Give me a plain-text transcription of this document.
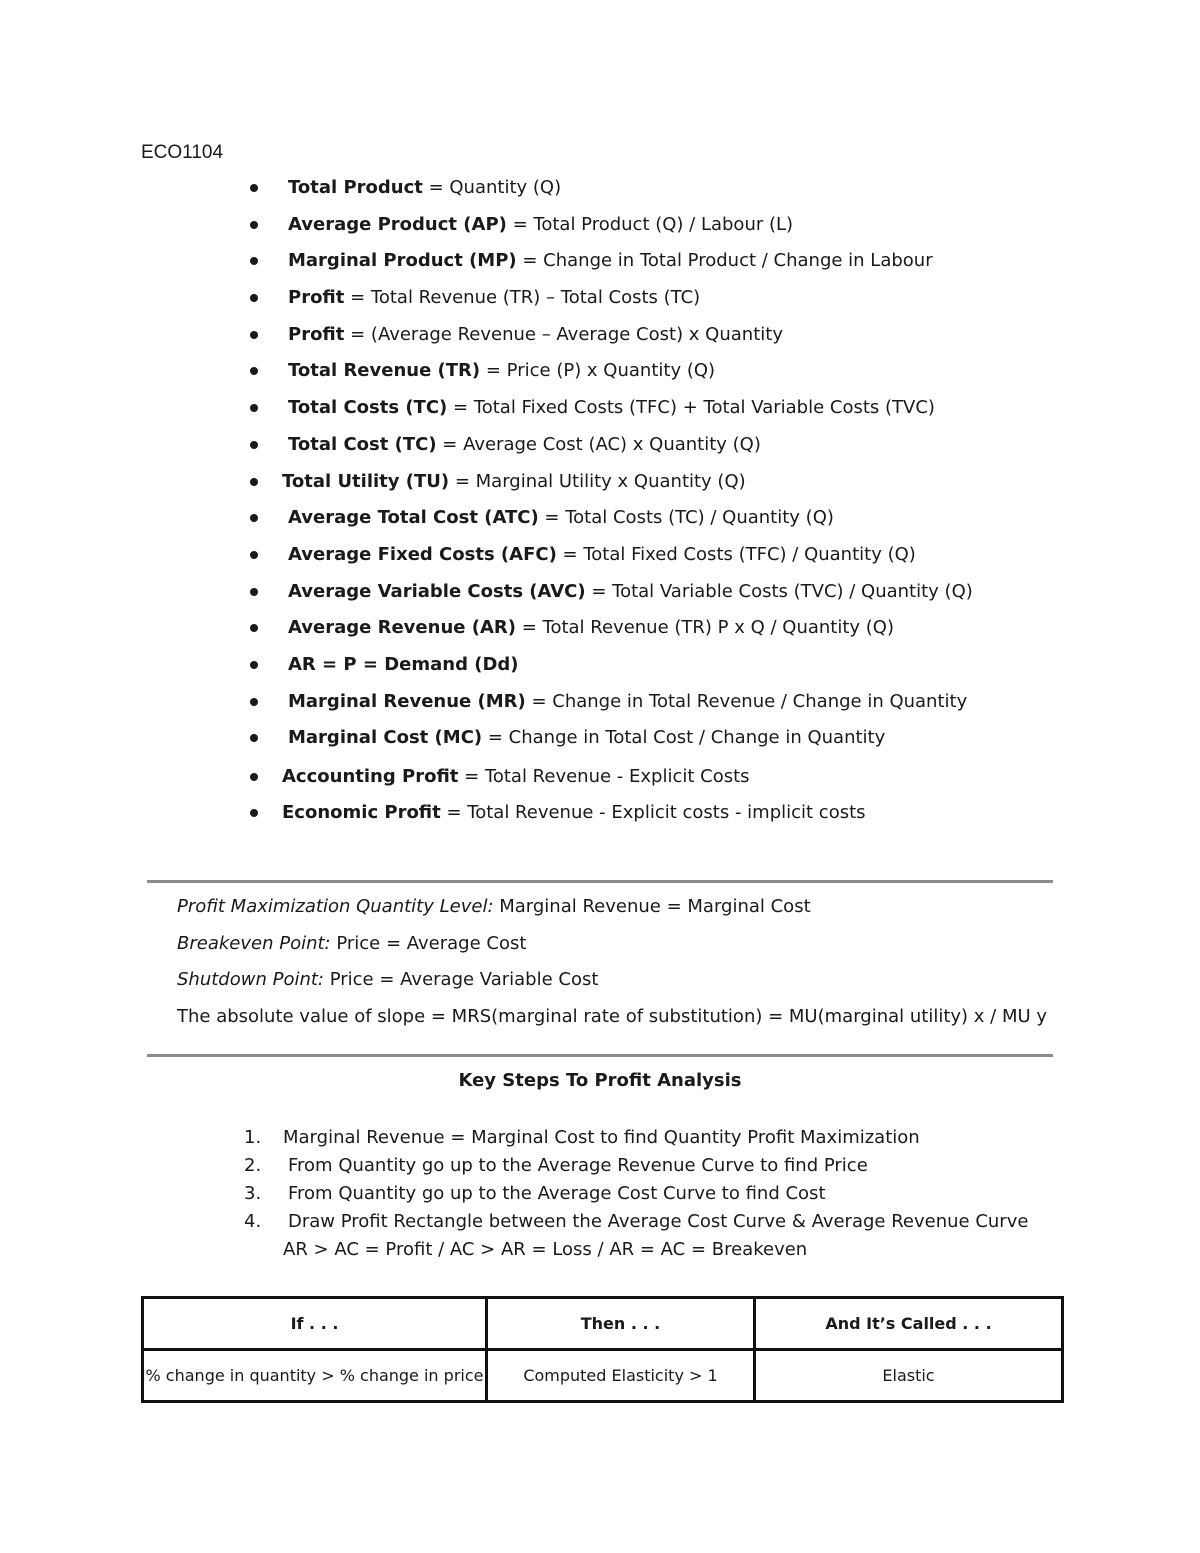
ECO1104
Total Product = Quantity (Q)
Average Product (AP) = Total Product (Q) / Labour (L)
Marginal Product (MP) = Change in Total Product / Change in Labour
Profit = Total Revenue (TR) – Total Costs (TC)
Profit = (Average Revenue – Average Cost) x Quantity
Total Revenue (TR) = Price (P) x Quantity (Q)
Total Costs (TC) = Total Fixed Costs (TFC) + Total Variable Costs (TVC)
Total Cost (TC) = Average Cost (AC) x Quantity (Q)
Total Utility (TU) = Marginal Utility x Quantity (Q)
Average Total Cost (ATC) = Total Costs (TC) / Quantity (Q)
Average Fixed Costs (AFC) = Total Fixed Costs (TFC) / Quantity (Q)
Average Variable Costs (AVC) = Total Variable Costs (TVC) / Quantity (Q)
Average Revenue (AR) = Total Revenue (TR) P x Q / Quantity (Q)
AR = P = Demand (Dd)
Marginal Revenue (MR) = Change in Total Revenue / Change in Quantity
Marginal Cost (MC) = Change in Total Cost / Change in Quantity
Accounting Profit = Total Revenue - Explicit Costs
Economic Profit = Total Revenue - Explicit costs - implicit costs
Profit Maximization Quantity Level: Marginal Revenue = Marginal Cost
Breakeven Point: Price = Average Cost
Shutdown Point: Price = Average Variable Cost
The absolute value of slope = MRS(marginal rate of substitution) = MU(marginal utility) x / MU y
Key Steps To Profit Analysis
1. Marginal Revenue = Marginal Cost to find Quantity Profit Maximization
2. From Quantity go up to the Average Revenue Curve to find Price
3. From Quantity go up to the Average Cost Curve to find Cost
4. Draw Profit Rectangle between the Average Cost Curve & Average Revenue Curve

AR > AC = Profit / AC > AR = Loss / AR = AC = Breakeven

If . . .	Then . . .	And It’s Called . . .
% change in quantity > % change in price	Computed Elasticity > 1	Elastic
